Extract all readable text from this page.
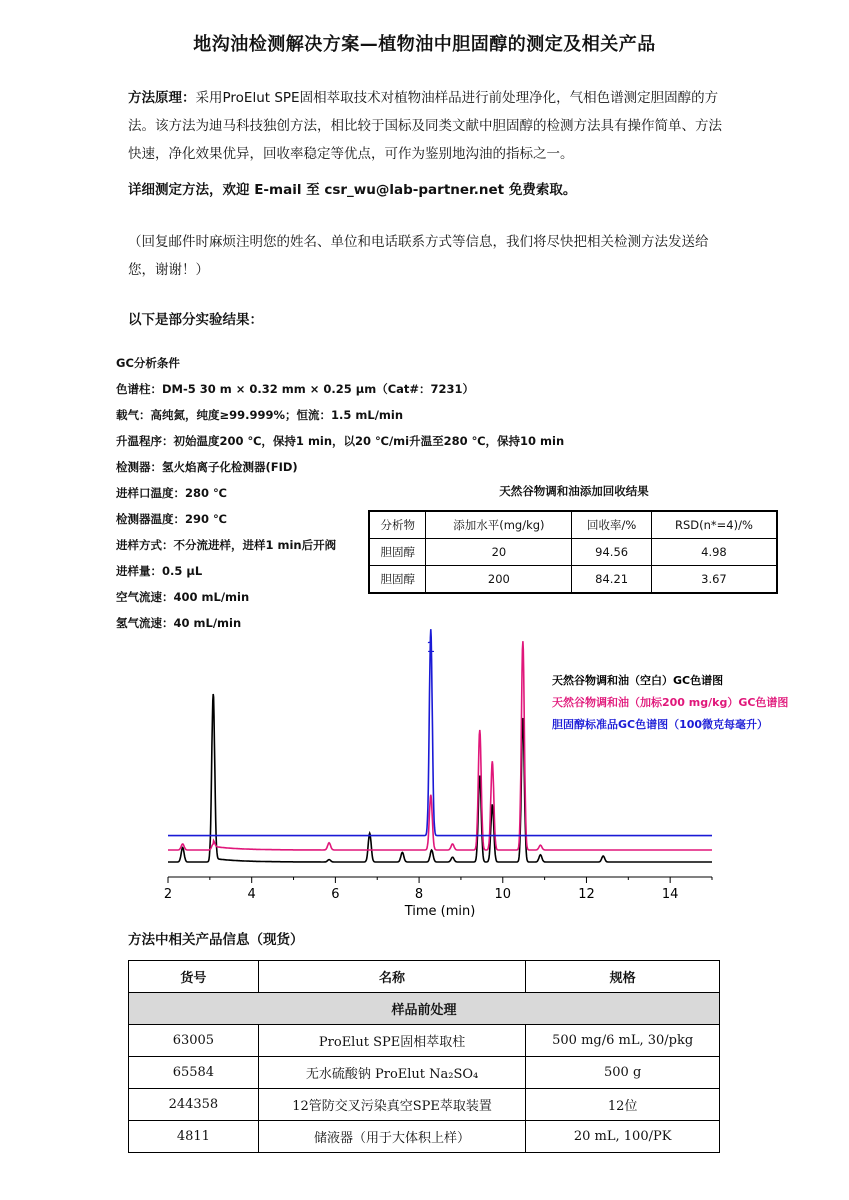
地沟油检测解决方案—植物油中胆固醇的测定及相关产品
方法原理：采用ProElut SPE固相萃取技术对植物油样品进行前处理净化，气相色谱测定胆固醇的方法。该方法为迪马科技独创方法，相比较于国标及同类文献中胆固醇的检测方法具有操作简单、方法快速，净化效果优异，回收率稳定等优点，可作为鉴别地沟油的指标之一。
详细测定方法，欢迎 E-mail 至 csr_wu@lab-partner.net 免费索取。
（回复邮件时麻烦注明您的姓名、单位和电话联系方式等信息，我们将尽快把相关检测方法发送给您，谢谢！）
以下是部分实验结果：
GC分析条件
色谱柱：DM-5 30 m × 0.32 mm × 0.25 μm（Cat#：7231）
载气：高纯氮，纯度≥99.999%；恒流：1.5 mL/min
升温程序：初始温度200 ℃，保持1 min，以20 ℃/mi升温至280 ℃，保持10 min
检测器：氢火焰离子化检测器(FID)
进样口温度：280 ℃
检测器温度：290 ℃
进样方式：不分流进样，进样1 min后开阀
进样量：0.5 μL
空气流速：400 mL/min
氢气流速：40 mL/min
天然谷物调和油添加回收结果
分析物	添加水平(mg/kg)	回收率/%	RSD(n*=4)/%
胆固醇	20	94.56	4.98
胆固醇	200	84.21	3.67
2	4	6	8	10	12	14
1
Time (min)
天然谷物调和油（空白）GC色谱图
天然谷物调和油（加标200 mg/kg）GC色谱图
胆固醇标准品GC色谱图（100微克每毫升）
方法中相关产品信息（现货）
货号	名称	规格
样品前处理		
63005	ProElut SPE固相萃取柱	500 mg/6 mL, 30/pkg
65584	无水硫酸钠 ProElut Na₂SO₄	500 g
244358	12管防交叉污染真空SPE萃取装置	12位
4811	储液器（用于大体积上样）	20 mL, 100/PK
